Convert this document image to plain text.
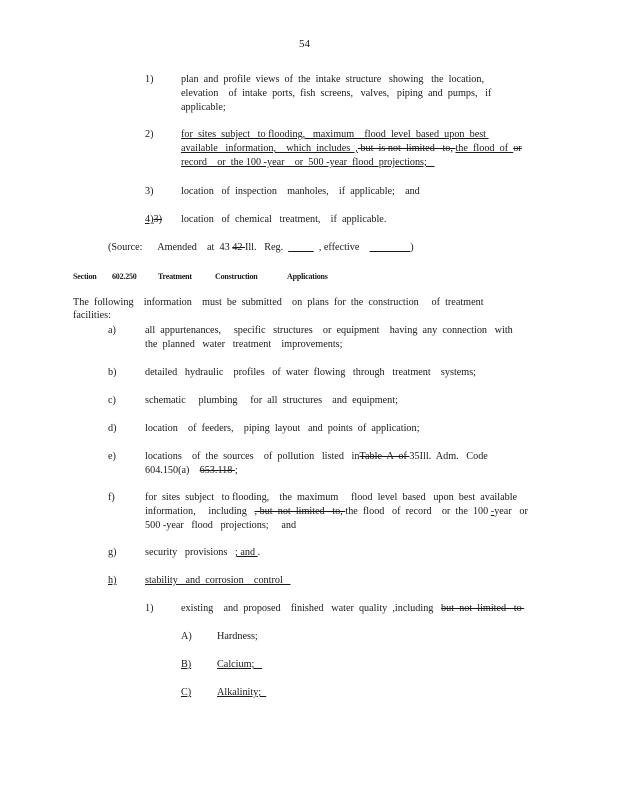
54
1)	plan  and  profile  views  of  the  intake  structure   showing   the  location,
elevation    of  intake  ports,  fish  screens,   valves,   piping  and  pumps,   if
applicable;
2)	for  sites  subject   to flooding,   maximum    flood  level  based  upon  best
available   information,    which  includes  , but  is not  limited   to, the  flood  of  or
record    or  the 100 -year    or  500 -year  flood  projections;
3)	location   of  inspection    manholes,    if  applicable;    and
4)3) location   of  chemical   treatment,    if  applicable.
(Source:      Amended    at  43 42 Ill.   Reg.              , effective	)
Section 602.250	Treatment	Construction	Applications
The  following    information    must  be  submitted    on  plans  for  the  construction     of  treatment
facilities:
a)	all  appurtenances,     specific   structures    or  equipment    having  any  connection   with
the  planned   water   treatment    improvements;
b)	detailed   hydraulic    profiles   of  water  flowing   through   treatment    systems;
c)	schematic     plumbing     for  all  structures    and  equipment;
d)	location    of  feeders,    piping  layout   and  points  of  application;
e)	locations    of  the  sources    of  pollution   listed   inTable  A  of 35Ill.  Adm.   Code
604.150(a)    653.118 ;
f)	for  sites  subject   to flooding,    the  maximum     flood  level  based   upon  best  available
information,     including   , but  not  limited   to, the  flood   of  record    or  the  100 -year   or
500 -year   flood   projections;     and
g)	security   provisions   ; and .
h)	stability   and  corrosion    control
1)	existing    and  proposed    finished   water  quality  ,including   but  not  limited   to
A) Hardness;
B)	Calcium;
C)	Alkalinity;
